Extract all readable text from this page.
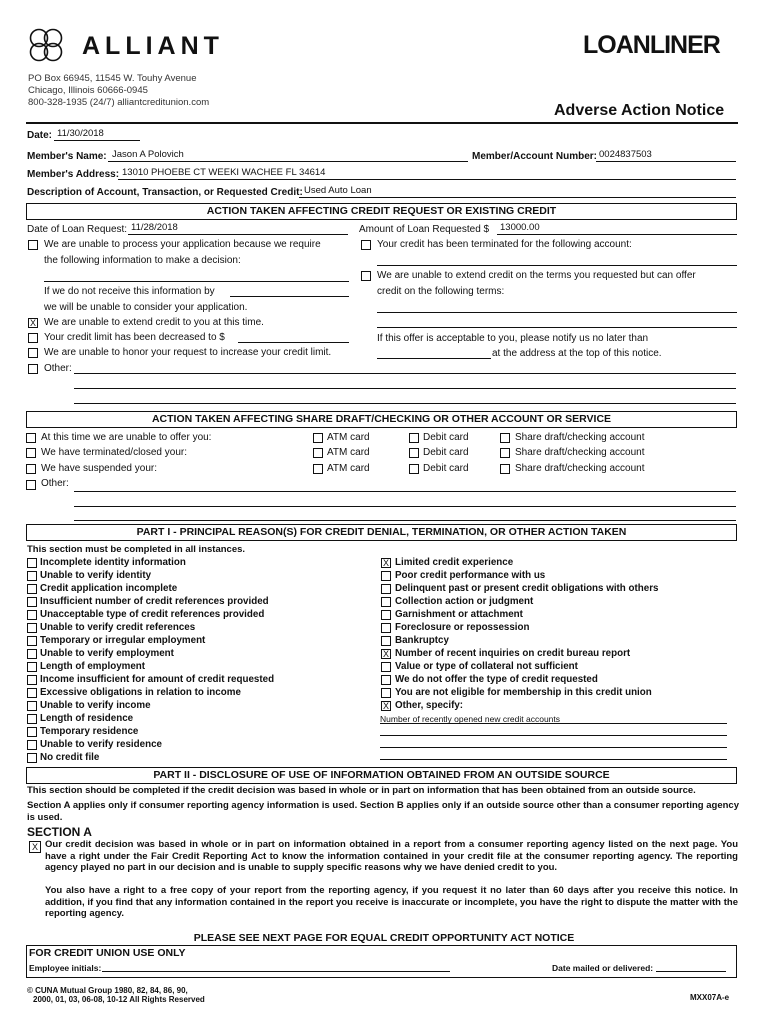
ALLIANT
PO Box 66945, 11545 W. Touhy Avenue
Chicago, Illinois 60666-0945
800-328-1935 (24/7) alliantcreditunion.com
LOANLINER
Adverse Action Notice
Date: 11/30/2018
Member's Name: Jason A Polovich	Member/Account Number: 0024837503
Member's Address: 13010 PHOEBE CT WEEKI WACHEE FL 34614
Description of Account, Transaction, or Requested Credit: Used Auto Loan
ACTION TAKEN AFFECTING CREDIT REQUEST OR EXISTING CREDIT
Date of Loan Request: 11/28/2018	Amount of Loan Requested $ 13000.00
We are unable to process your application because we require
the following information to make a decision:
If we do not receive this information by
we will be unable to consider your application.
X We are unable to extend credit to you at this time.
Your credit limit has been decreased to $
We are unable to honor your request to increase your credit limit.
Other:
Your credit has been terminated for the following account:
We are unable to extend credit on the terms you requested but can offer
credit on the following terms:
If this offer is acceptable to you, please notify us no later than
at the address at the top of this notice.
ACTION TAKEN AFFECTING SHARE DRAFT/CHECKING OR OTHER ACCOUNT OR SERVICE
At this time we are unable to offer you:	ATM card	Debit card	Share draft/checking account
We have terminated/closed your:	ATM card	Debit card	Share draft/checking account
We have suspended your:	ATM card	Debit card	Share draft/checking account
Other:
PART I - PRINCIPAL REASON(S) FOR CREDIT DENIAL, TERMINATION, OR OTHER ACTION TAKEN
This section must be completed in all instances.
Incomplete identity information
Unable to verify identity
Credit application incomplete
Insufficient number of credit references provided
Unacceptable type of credit references provided
Unable to verify credit references
Temporary or irregular employment
Unable to verify employment
Length of employment
Income insufficient for amount of credit requested
Excessive obligations in relation to income
Unable to verify income
Length of residence
Temporary residence
Unable to verify residence
No credit file
X Limited credit experience
Poor credit performance with us
Delinquent past or present credit obligations with others
Collection action or judgment
Garnishment or attachment
Foreclosure or repossession
Bankruptcy
X Number of recent inquiries on credit bureau report
Value or type of collateral not sufficient
We do not offer the type of credit requested
You are not eligible for membership in this credit union
X Other, specify:
Number of recently opened new credit accounts
PART II - DISCLOSURE OF USE OF INFORMATION OBTAINED FROM AN OUTSIDE SOURCE
This section should be completed if the credit decision was based in whole or in part on information that has been obtained from an outside source.
Section A applies only if consumer reporting agency information is used. Section B applies only if an outside source other than a consumer reporting agency is used.
SECTION A
X Our credit decision was based in whole or in part on information obtained in a report from a consumer reporting agency listed on the next page. You have a right under the Fair Credit Reporting Act to know the information contained in your credit file at the consumer reporting agency. The reporting agency played no part in our decision and is unable to supply specific reasons why we have denied credit to you.
You also have a right to a free copy of your report from the reporting agency, if you request it no later than 60 days after you receive this notice. In addition, if you find that any information contained in the report you receive is inaccurate or incomplete, you have the right to dispute the matter with the reporting agency.
PLEASE SEE NEXT PAGE FOR EQUAL CREDIT OPPORTUNITY ACT NOTICE
FOR CREDIT UNION USE ONLY
Employee initials:	Date mailed or delivered:
© CUNA Mutual Group 1980, 82, 84, 86, 90,
2000, 01, 03, 06-08, 10-12 All Rights Reserved	MXX07A-e
